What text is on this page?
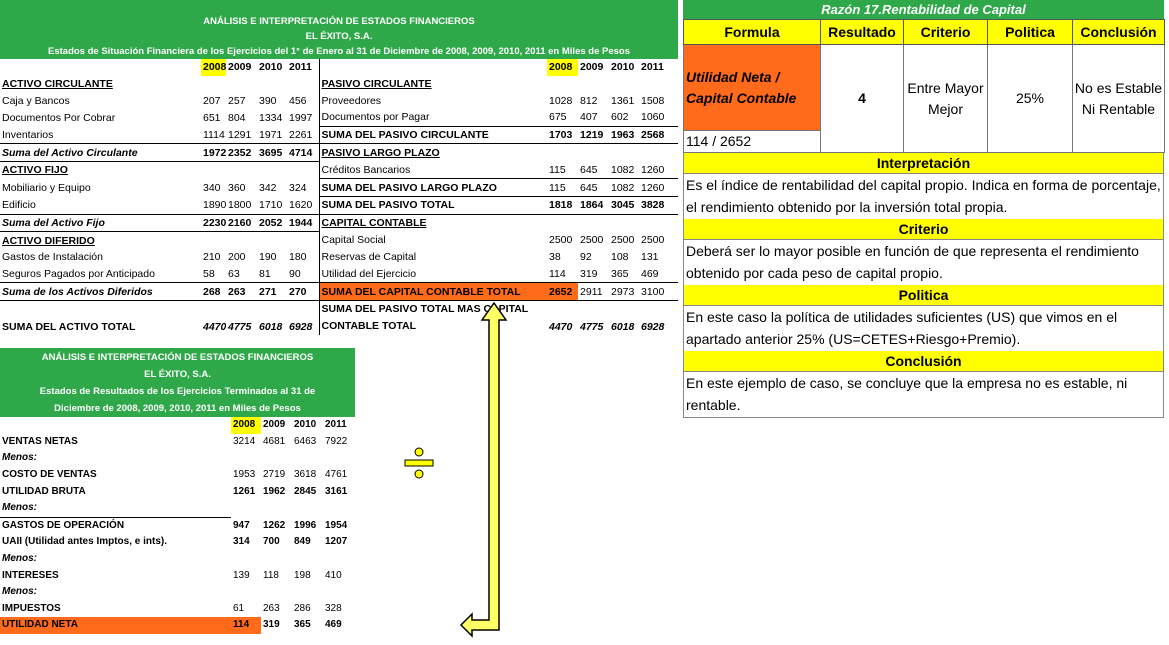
ANÁLISIS E INTERPRETACIÓN DE ESTADOS FINANCIEROS
EL ÉXITO, S.A.
Estados de Situación Financiera de los Ejercicios del 1° de Enero al 31 de Diciembre de 2008, 2009, 2010, 2011 en Miles de Pesos
	2008	2009	2010	2011		2008	2009	2010	2011
ACTIVO CIRCULANTE					PASIVO CIRCULANTE				
Caja y Bancos	207	257	390	456	Proveedores	1028	812	1361	1508
Documentos Por Cobrar	651	804	1334	1997	Documentos por Pagar	675	407	602	1060
Inventarios	1114	1291	1971	2261	SUMA DEL PASIVO CIRCULANTE	1703	1219	1963	2568
Suma del Activo Circulante	1972	2352	3695	4714	PASIVO LARGO PLAZO				
ACTIVO FIJO					Créditos Bancarios	115	645	1082	1260
Mobiliario y Equipo	340	360	342	324	SUMA DEL PASIVO LARGO PLAZO	115	645	1082	1260
Edificio	1890	1800	1710	1620	SUMA DEL PASIVO TOTAL	1818	1864	3045	3828
Suma del Activo Fijo	2230	2160	2052	1944	CAPITAL CONTABLE				
ACTIVO DIFERIDO					Capital Social	2500	2500	2500	2500
Gastos de Instalación	210	200	190	180	Reservas de Capital	38	92	108	131
Seguros Pagados por Anticipado	58	63	81	90	Utilidad del Ejercicio	114	319	365	469
Suma de los Activos Diferidos	268	263	271	270	SUMA DEL CAPITAL CONTABLE TOTAL	2652	2911	2973	3100
SUMA DEL ACTIVO TOTAL	4470	4775	6018	6928	SUMA DEL PASIVO TOTAL MAS CAPITAL	4470	4775	6018	6928
					CONTABLE TOTAL				
ANÁLISIS E INTERPRETACIÓN DE ESTADOS FINANCIEROS
EL ÉXITO, S.A.
Estados de Resultados de los Ejercicios Terminados al 31 de
Diciembre de 2008, 2009, 2010, 2011 en Miles de Pesos
	2008	2009	2010	2011
VENTAS NETAS	3214	4681	6463	7922
Menos:				
COSTO DE VENTAS	1953	2719	3618	4761
UTILIDAD BRUTA	1261	1962	2845	3161
Menos:				
GASTOS DE OPERACIÓN	947	1262	1996	1954
UAII (Utilidad antes Imptos, e ints).	314	700	849	1207
Menos:				
INTERESES	139	118	198	410
Menos:				
IMPUESTOS	61	263	286	328
UTILIDAD NETA	114	319	365	469
Razón 17.Rentabilidad de Capital
Formula	Resultado	Criterio	Politica	Conclusión
Utilidad Neta / Capital Contable	4	Entre Mayor Mejor	25%	No es Estable Ni Rentable
114 / 2652				
Interpretación
Es el índice de rentabilidad del capital propio. Indica en forma de porcentaje, el rendimiento obtenido por la inversión total propia.
Criterio
Deberá ser lo mayor posible en función de que representa el rendimiento obtenido por cada peso de capital propio.
Politica
En este caso la política de utilidades suficientes (US) que vimos en el apartado anterior 25% (US=CETES+Riesgo+Premio).
Conclusión
En este ejemplo de caso, se concluye que la empresa no es estable, ni rentable.
